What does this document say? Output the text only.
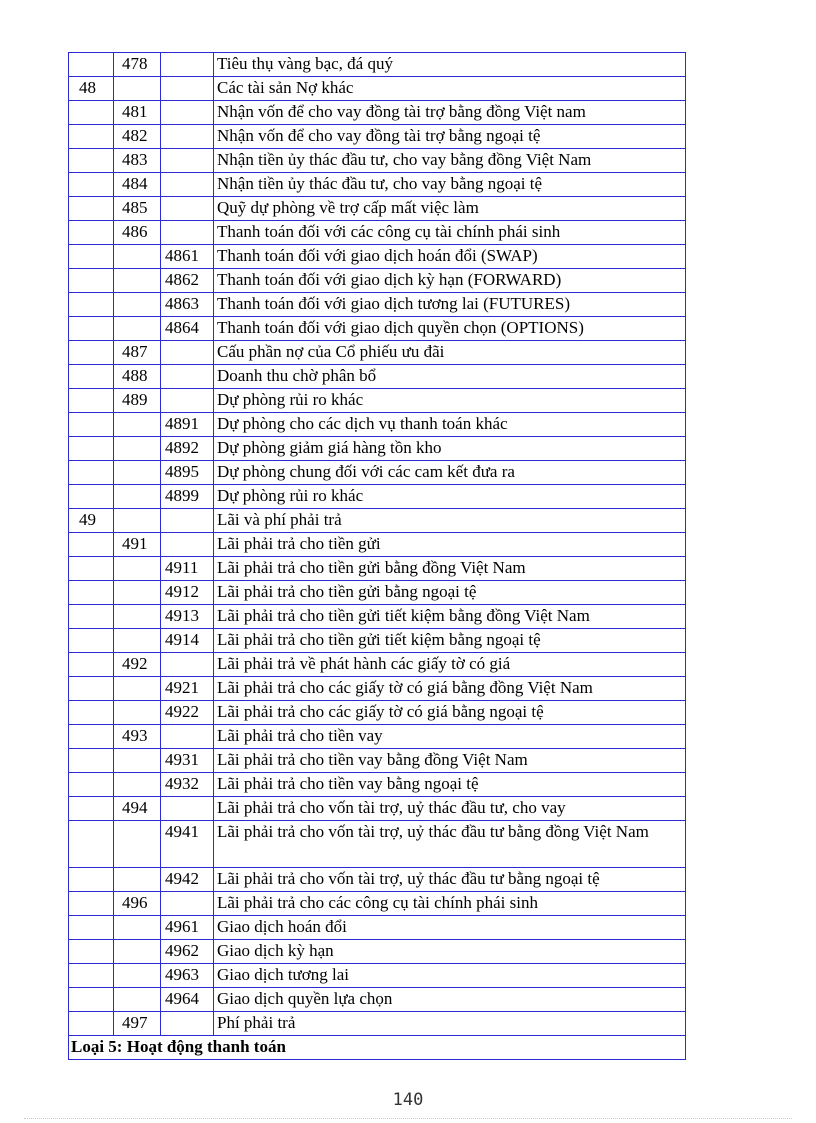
	478		Tiêu thụ vàng bạc, đá quý
48			Các tài sản Nợ khác
	481		Nhận vốn để cho vay đồng tài trợ bằng đồng Việt nam
	482		Nhận vốn để cho vay đồng tài trợ bằng ngoại tệ
	483		Nhận tiền ủy thác đầu tư, cho vay bằng đồng Việt Nam
	484		Nhận tiền ủy thác đầu tư, cho vay bằng ngoại tệ
	485		Quỹ dự phòng về trợ cấp mất việc làm
	486		Thanh toán đối với các công cụ tài chính phái sinh
		4861	Thanh toán đối với giao dịch hoán đổi (SWAP)
		4862	Thanh toán đối với giao dịch kỳ hạn (FORWARD)
		4863	Thanh toán đối với giao dịch tương lai (FUTURES)
		4864	Thanh toán đối với giao dịch quyền chọn (OPTIONS)
	487		Cấu phần nợ của Cổ phiếu ưu đãi
	488		Doanh thu chờ phân bổ
	489		Dự phòng rủi ro khác
		4891	Dự phòng cho các dịch vụ thanh toán khác
		4892	Dự phòng giảm giá hàng tồn kho
		4895	Dự phòng chung đối với các cam kết đưa ra
		4899	Dự phòng rủi ro khác
49			Lãi và phí phải trả
	491		Lãi phải trả cho tiền gửi
		4911	Lãi phải trả cho tiền gửi bằng đồng Việt Nam
		4912	Lãi phải trả cho tiền gửi bằng ngoại tệ
		4913	Lãi phải trả cho tiền gửi tiết kiệm bằng đồng Việt Nam
		4914	Lãi phải trả cho tiền gửi tiết kiệm bằng ngoại tệ
	492		Lãi phải trả về phát hành các giấy tờ có giá
		4921	Lãi phải trả cho các giấy tờ có giá bằng đồng Việt Nam
		4922	Lãi phải trả cho các giấy tờ có giá bằng ngoại tệ
	493		Lãi phải trả cho tiền vay
		4931	Lãi phải trả cho tiền vay bằng đồng Việt Nam
		4932	Lãi phải trả cho tiền vay bằng ngoại tệ
	494		Lãi phải trả cho vốn tài trợ, uỷ thác đầu tư, cho vay
		4941	Lãi phải trả cho vốn tài trợ, uỷ thác đầu tư bằng đồng Việt Nam
		4942	Lãi phải trả cho vốn tài trợ, uỷ thác đầu tư bằng ngoại tệ
	496		Lãi phải trả cho các công cụ tài chính phái sinh
		4961	Giao dịch hoán đổi
		4962	Giao dịch kỳ hạn
		4963	Giao dịch tương lai
		4964	Giao dịch quyền lựa chọn
	497		Phí phải trả
Loại 5: Hoạt động thanh toán			
140
